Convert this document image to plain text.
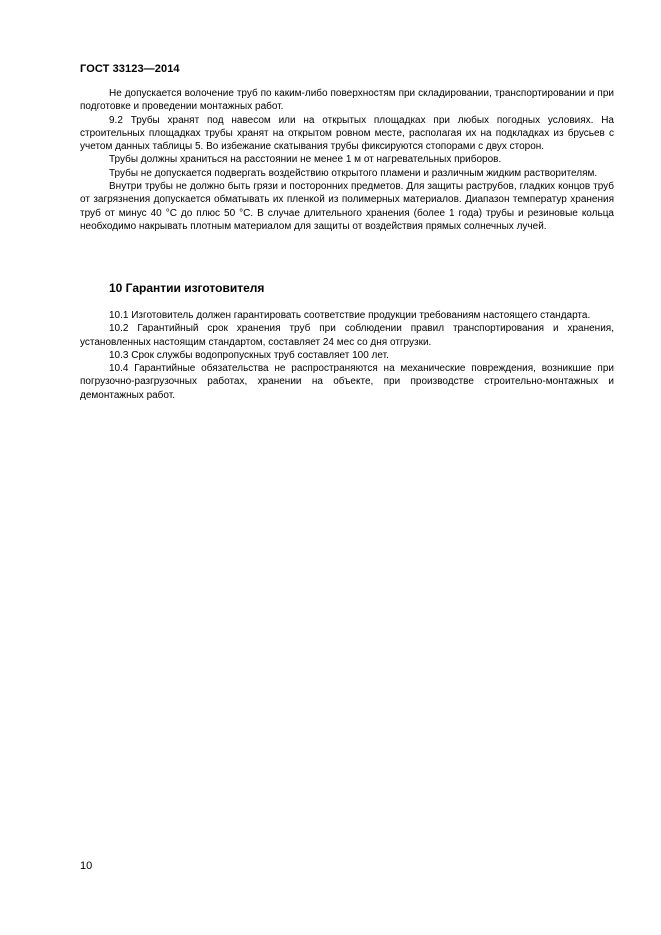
ГОСТ 33123—2014

Не допускается волочение труб по каким-либо поверхностям при складировании, транспортировании и при подготовке и проведении монтажных работ.

9.2 Трубы хранят под навесом или на открытых площадках при любых погодных условиях. На строительных площадках трубы хранят на открытом ровном месте, располагая их на подкладках из брусьев с учетом данных таблицы 5. Во избежание скатывания трубы фиксируются стопорами с двух сторон.

Трубы должны храниться на расстоянии не менее 1 м от нагревательных приборов.

Трубы не допускается подвергать воздействию открытого пламени и различным жидким растворителям.

Внутри трубы не должно быть грязи и посторонних предметов. Для защиты раструбов, гладких концов труб от загрязнения допускается обматывать их пленкой из полимерных материалов. Диапазон температур хранения труб от минус 40 °С до плюс 50 °С. В случае длительного хранения (более 1 года) трубы и резиновые кольца необходимо накрывать плотным материалом для защиты от воздействия прямых солнечных лучей.

10 Гарантии изготовителя

10.1 Изготовитель должен гарантировать соответствие продукции требованиям настоящего стандарта.

10.2 Гарантийный срок хранения труб при соблюдении правил транспортирования и хранения, установленных настоящим стандартом, составляет 24 мес со дня отгрузки.

10.3 Срок службы водопропускных труб составляет 100 лет.

10.4 Гарантийные обязательства не распространяются на механические повреждения, возникшие при погрузочно-разгрузочных работах, хранении на объекте, при производстве строительно-монтажных и демонтажных работ.

10
